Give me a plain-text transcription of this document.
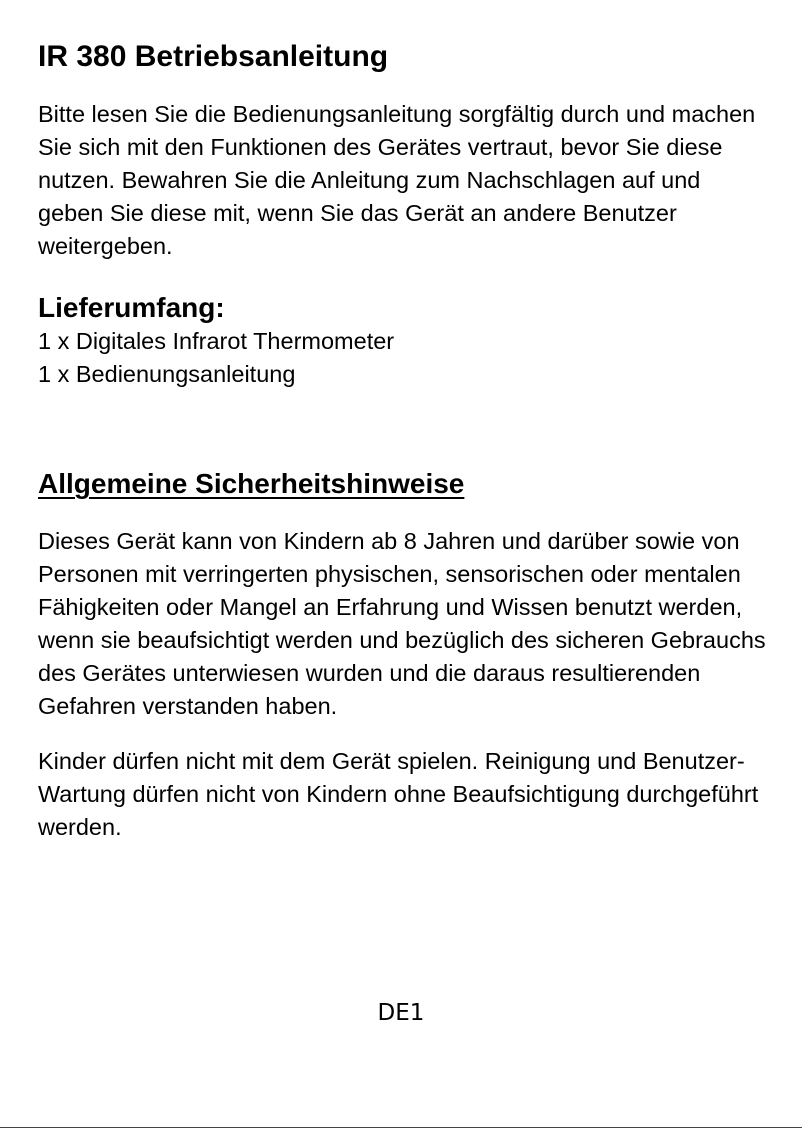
IR 380 Betriebsanleitung

Bitte lesen Sie die Bedienungsanleitung sorgfältig durch und machen Sie sich mit den Funktionen des Gerätes vertraut, bevor Sie diese nutzen. Bewahren Sie die Anleitung zum Nachschlagen auf und geben Sie diese mit, wenn Sie das Gerät an andere Benutzer weitergeben.

Lieferumfang:

1 x Digitales Infrarot Thermometer

1 x Bedienungsanleitung

Allgemeine Sicherheitshinweise

Dieses Gerät kann von Kindern ab 8 Jahren und darüber sowie von Personen mit verringerten physischen, sensorischen oder mentalen Fähigkeiten oder Mangel an Erfahrung und Wissen benutzt werden, wenn sie beaufsichtigt werden und bezüglich des sicheren Gebrauchs des Gerätes unterwiesen wurden und die daraus resultierenden Gefahren verstanden haben.

Kinder dürfen nicht mit dem Gerät spielen. Reinigung und Benutzer-Wartung dürfen nicht von Kindern ohne Beaufsichtigung durchgeführt werden.

DE1
